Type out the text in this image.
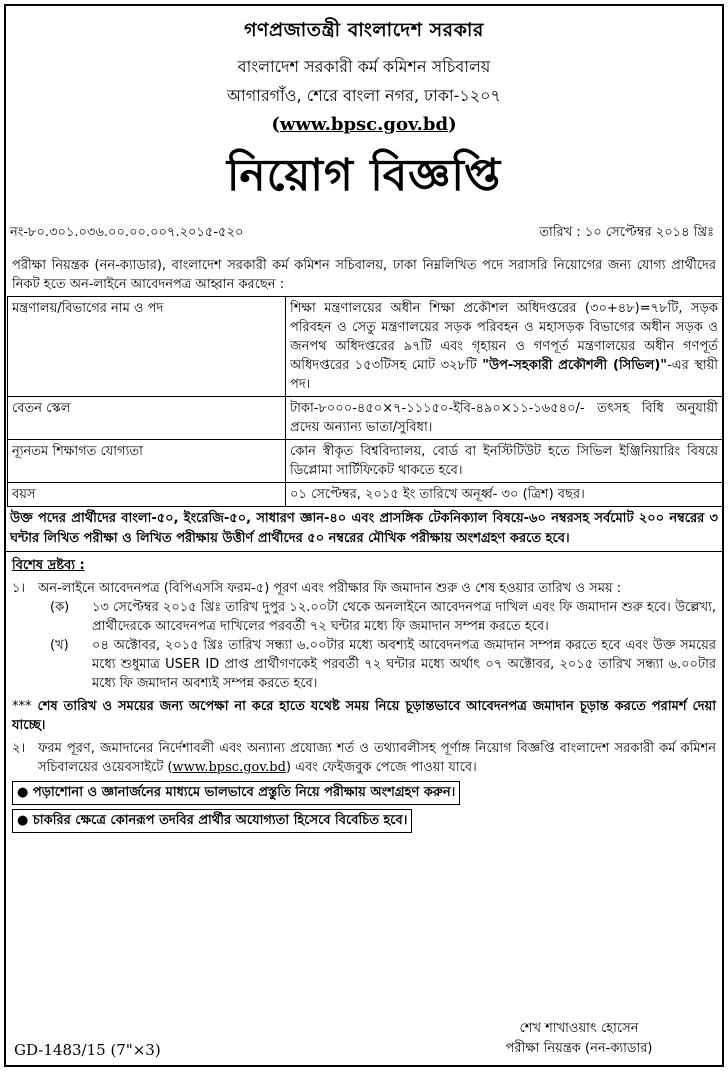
গণপ্রজাতন্ত্রী বাংলাদেশ সরকার
বাংলাদেশ সরকারী কর্ম কমিশন সচিবালয়
আগারগাঁও, শেরে বাংলা নগর, ঢাকা-১২০৭
(www.bpsc.gov.bd)
নিয়োগ বিজ্ঞপ্তি
নং-৮০.৩০১.০৩৬.০০.০০.০০৭.২০১৫-৫২০	তারিখ : ১০ সেপ্টেম্বর ২০১৪ খ্রিঃ
পরীক্ষা নিয়ন্ত্রক (নন-ক্যাডার), বাংলাদেশ সরকারী কর্ম কমিশন সচিবালয়, ঢাকা নিম্নলিখিত পদে সরাসরি নিয়োগের জন্য যোগ্য প্রার্থীদের নিকট হতে অন-লাইনে আবেদনপত্র আহ্বান করছেন :
মন্ত্রণালয়/বিভাগের নাম ও পদ	শিক্ষা মন্ত্রণালয়ের অধীন শিক্ষা প্রকৌশল অধিদপ্তরের (৩০+৪৮)=৭৮টি, সড়ক পরিবহন ও সেতু মন্ত্রণালয়ের সড়ক পরিবহন ও মহাসড়ক বিভাগের অধীন সড়ক ও জনপথ অধিদপ্তরের ৯৭টি এবং গৃহায়ন ও গণপূর্ত মন্ত্রণালয়ের অধীন গণপূর্ত অধিদপ্তরের ১৫৩টিসহ মোট ৩২৮টি "উপ-সহকারী প্রকৌশলী (সিভিল)"-এর স্থায়ী পদ।
বেতন স্কেল	টাকা-৮০০০-৪৫০×৭-১১১৫০-ইবি-৪৯০×১১-১৬৫৪০/- তৎসহ বিধি অনুযায়ী প্রদেয় অন্যান্য ভাতা/সুবিধা।
ন্যূনতম শিক্ষাগত যোগ্যতা	কোন স্বীকৃত বিশ্ববিদ্যালয়, বোর্ড বা ইনস্টিটিউট হতে সিভিল ইঞ্জিনিয়ারিং বিষয়ে ডিপ্লোমা সার্টিফিকেট থাকতে হবে।
বয়স	০১ সেপ্টেম্বর, ২০১৫ ইং তারিখে অনূর্ধ্ব- ৩০ (ত্রিশ) বছর।
উক্ত পদের প্রার্থীদের বাংলা-৫০, ইংরেজি-৫০, সাধারণ জ্ঞান-৪০ এবং প্রাসঙ্গিক টেকনিক্যাল বিষয়ে-৬০ নম্বরসহ সর্বমোট ২০০ নম্বরের ৩ ঘন্টার লিখিত পরীক্ষা ও লিখিত পরীক্ষায় উত্তীর্ণ প্রার্থীদের ৫০ নম্বরের মৌখিক পরীক্ষায় অংশগ্রহণ করতে হবে।
বিশেষ দ্রষ্টব্য :
১। অন-লাইনে আবেদনপত্র (বিপিএসসি ফরম-৫) পূরণ এবং পরীক্ষার ফি জমাদান শুরু ও শেষ হওয়ার তারিখ ও সময় :
(ক)	১৩ সেপ্টেম্বর ২০১৫ খ্রিঃ তারিখ দুপুর ১২.০০টা থেকে অনলাইনে আবেদনপত্র দাখিল এবং ফি জমাদান শুরু হবে। উল্লেখ্য, প্রার্থীদেরকে আবেদনপত্র দাখিলের পরবর্তী ৭২ ঘন্টার মধ্যে ফি জমাদান সম্পন্ন করতে হবে।
(খ)	০৪ অক্টোবর, ২০১৫ খ্রিঃ তারিখ সন্ধ্যা ৬.০০টার মধ্যে অবশ্যই আবেদনপত্র জমাদান সম্পন্ন করতে হবে এবং উক্ত সময়ের মধ্যে শুধুমাত্র USER ID প্রাপ্ত প্রার্থীগণকেই পরবর্তী ৭২ ঘন্টার মধ্যে অর্থাৎ ০৭ অক্টোবর, ২০১৫ তারিখ সন্ধ্যা ৬.০০টার মধ্যে ফি জমাদান অবশ্যই সম্পন্ন করতে হবে।
*** শেষ তারিখ ও সময়ের জন্য অপেক্ষা না করে হাতে যথেষ্ট সময় নিয়ে চূড়ান্তভাবে আবেদনপত্র জমাদান চূড়ান্ত করতে পরামর্শ দেয়া যাচ্ছে।
২। ফরম পূরণ, জমাদানের নির্দেশাবলী এবং অন্যান্য প্রযোজ্য শর্ত ও তথ্যাবলীসহ পূর্ণাঙ্গ নিয়োগ বিজ্ঞপ্তি বাংলাদেশ সরকারী কর্ম কমিশন সচিবালয়ের ওয়েবসাইটে (www.bpsc.gov.bd) এবং ফেইজবুক পেজে পাওয়া যাবে।
● পড়াশোনা ও জ্ঞানার্জনের মাধ্যমে ভালভাবে প্রস্তুতি নিয়ে পরীক্ষায় অংশগ্রহণ করুন।
● চাকরির ক্ষেত্রে কোনরূপ তদবির প্রার্থীর অযোগ্যতা হিসেবে বিবেচিত হবে।
GD-1483/15 (7"×3)
শেখ শাখাওয়াৎ হোসেন
পরীক্ষা নিয়ন্ত্রক (নন-ক্যাডার)
